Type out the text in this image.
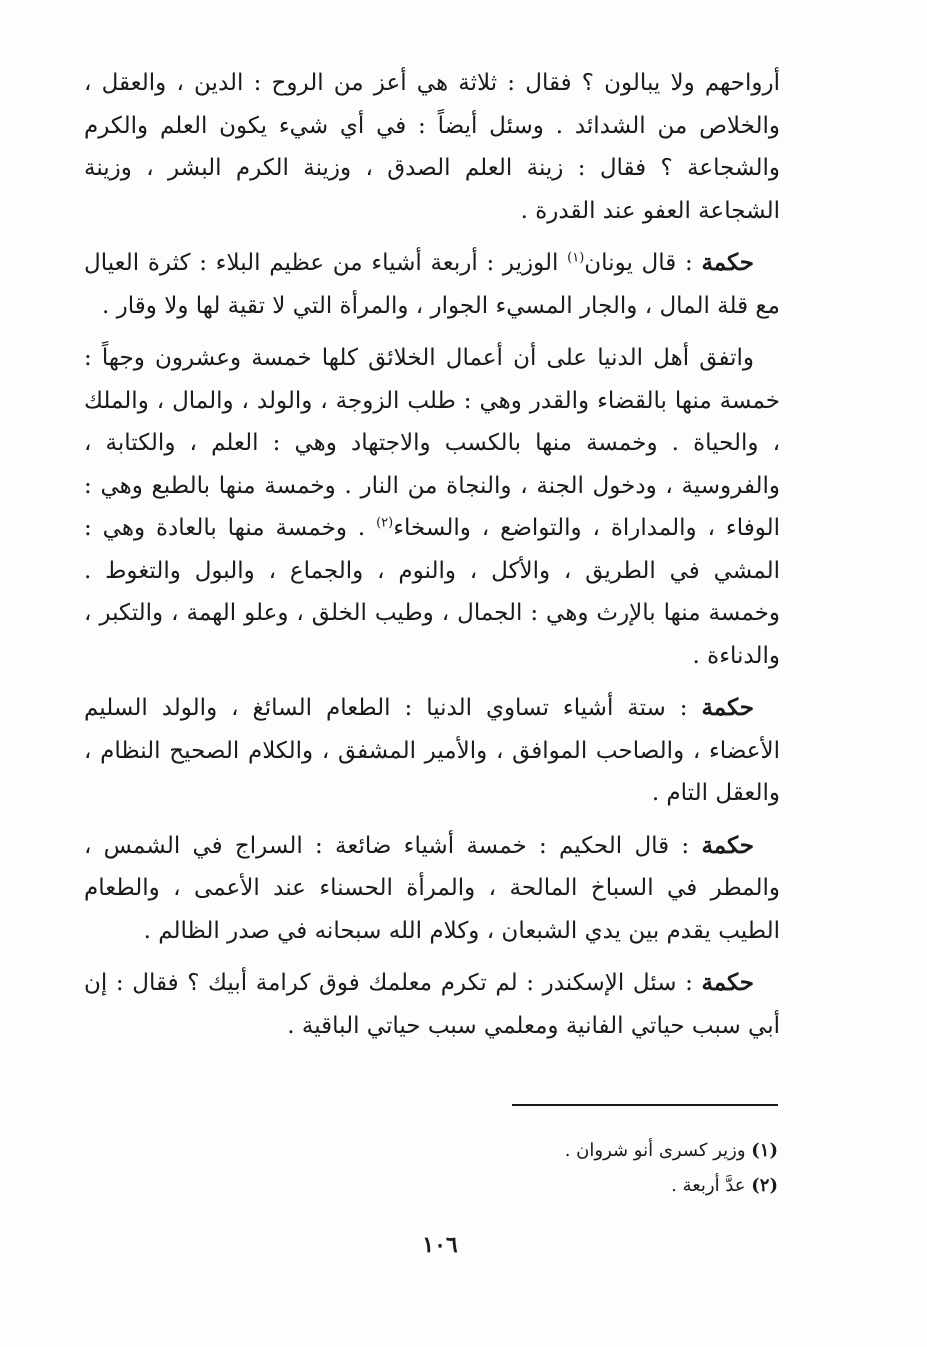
أرواحهم ولا يبالون ؟ فقال : ثلاثة هي أعز من الروح : الدين ، والعقل ، والخلاص من الشدائد . وسئل أيضاً : في أي شيء يكون العلم والكرم والشجاعة ؟ فقال : زينة العلم الصدق ، وزينة الكرم البشر ، وزينة الشجاعة العفو عند القدرة .

حكمة : قال يونان$^{(١)}$ الوزير : أربعة أشياء من عظيم البلاء : كثرة العيال مع قلة المال ، والجار المسيء الجوار ، والمرأة التي لا تقية لها ولا وقار .

واتفق أهل الدنيا على أن أعمال الخلائق كلها خمسة وعشرون وجهاً : خمسة منها بالقضاء والقدر وهي : طلب الزوجة ، والولد ، والمال ، والملك ، والحياة . وخمسة منها بالكسب والاجتهاد وهي : العلم ، والكتابة ، والفروسية ، ودخول الجنة ، والنجاة من النار . وخمسة منها بالطبع وهي : الوفاء ، والمداراة ، والتواضع ، والسخاء$^{(٢)}$ . وخمسة منها بالعادة وهي : المشي في الطريق ، والأكل ، والنوم ، والجماع ، والبول والتغوط . وخمسة منها بالإرث وهي : الجمال ، وطيب الخلق ، وعلو الهمة ، والتكبر ، والدناءة .

حكمة : ستة أشياء تساوي الدنيا : الطعام السائغ ، والولد السليم الأعضاء ، والصاحب الموافق ، والأمير المشفق ، والكلام الصحيح النظام ، والعقل التام .

حكمة : قال الحكيم : خمسة أشياء ضائعة : السراج في الشمس ، والمطر في السباخ المالحة ، والمرأة الحسناء عند الأعمى ، والطعام الطيب يقدم بين يدي الشبعان ، وكلام الله سبحانه في صدر الظالم .

حكمة : سئل الإسكندر : لم تكرم معلمك فوق كرامة أبيك ؟ فقال : إن أبي سبب حياتي الفانية ومعلمي سبب حياتي الباقية .

(١) وزير كسرى أنو شروان .
(٢) عدَّ أربعة .
١٠٦
